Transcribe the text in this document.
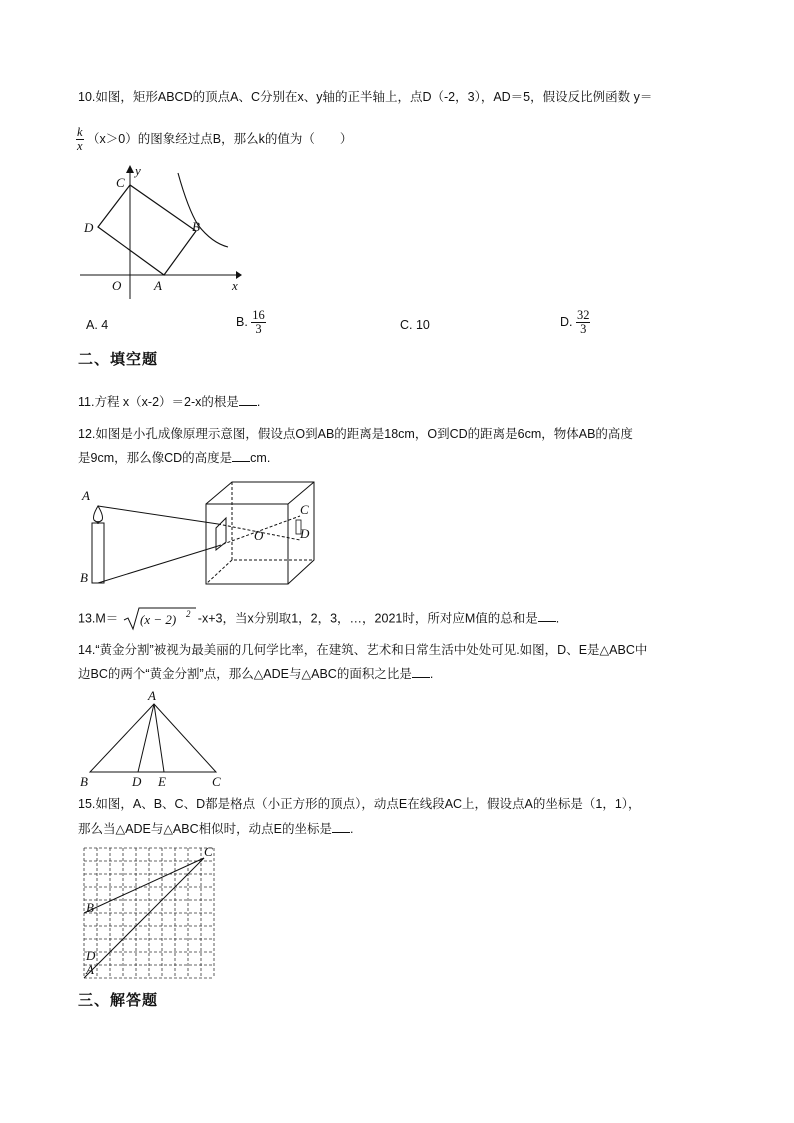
10.如图，矩形ABCD的顶点A、C分别在x、y轴的正半轴上，点D（-2，3），AD＝5，假设反比例函数 y＝
$\frac{k}{x} (x>0)$的图象经过点B，那么k的值为（　　）
C
y
D	B
O	A	x
A. 4	B. $\frac{16}{3}$	C. 10	D. $\frac{32}{3}$
二、填空题
11.方程 x（x-2）＝2-x的根是 .
12.如图是小孔成像原理示意图，假设点O到AB的距离是18cm，O到CD的距离是6cm，物体AB的高度
是9cm，那么像CD的高度是 cm.
A
B
O
C
D
13.M＝ (x − 2) 2 -x+3，当x分别取1，2，3，…，2021时，所对应M值的总和是 .
14.“黄金分割”被视为最美丽的几何学比率，在建筑、艺术和日常生活中处处可见.如图，D、E是△ABC中
边BC的两个“黄金分割”点，那么△ADE与△ABC的面积之比是 .
A
B	D E	C
15.如图，A、B、C、D都是格点（小正方形的顶点），动点E在线段AC上，假设点A的坐标是（1，1），
那么当△ADE与△ABC相似时，动点E的坐标是 .
C
B
D
A
三、解答题
